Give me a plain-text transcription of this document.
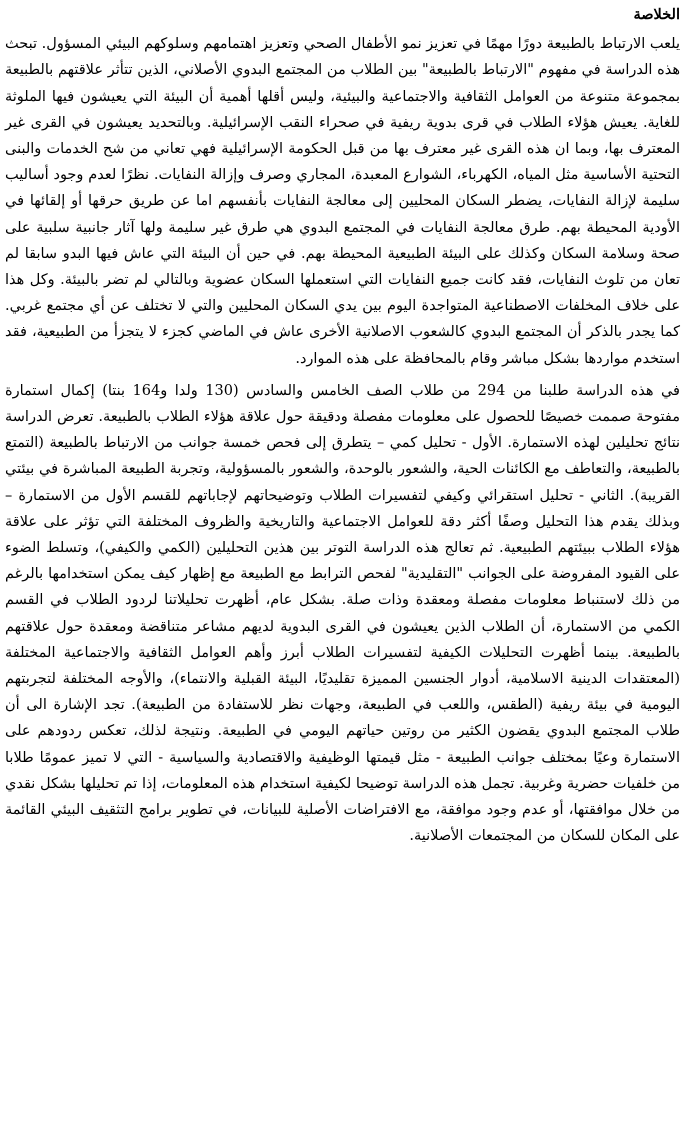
الخلاصة

يلعب الارتباط بالطبيعة دورًا مهمًا في تعزيز نمو الأطفال الصحي وتعزيز اهتمامهم وسلوكهم البيئي المسؤول. تبحث هذه الدراسة في مفهوم "الارتباط بالطبيعة" بين الطلاب من المجتمع البدوي الأصلاني، الذين تتأثر علاقتهم بالطبيعة بمجموعة متنوعة من العوامل الثقافية والاجتماعية والبيئية، وليس أقلها أهمية أن البيئة التي يعيشون فيها الملوثة للغاية. يعيش هؤلاء الطلاب في قرى بدوية ريفية في صحراء النقب الإسرائيلية. وبالتحديد يعيشون في القرى غير المعترف بها، وبما ان هذه القرى غير معترف بها من قبل الحكومة الإسرائيلية فهي تعاني من شح الخدمات والبنى التحتية الأساسية مثل المياه، الكهرباء، الشوارع المعبدة، المجاري وصرف وإزالة النفايات. نظرًا لعدم وجود أساليب سليمة لإزالة النفايات، يضطر السكان المحليين إلى معالجة النفايات بأنفسهم اما عن طريق حرقها أو إلقائها في الأودية المحيطة بهم. طرق معالجة النفايات في المجتمع البدوي هي طرق غير سليمة ولها آثار جانبية سلبية على صحة وسلامة السكان وكذلك على البيئة الطبيعية المحيطة بهم. في حين أن البيئة التي عاش فيها البدو سابقا لم تعان من تلوث النفايات، فقد كانت جميع النفايات التي استعملها السكان عضوية وبالتالي لم تضر بالبيئة. وكل هذا على خلاف المخلفات الاصطناعية المتواجدة اليوم بين يدي السكان المحليين والتي لا تختلف عن أي مجتمع غربي. كما يجدر بالذكر أن المجتمع البدوي كالشعوب الاصلانية الأخرى عاش في الماضي كجزء لا يتجزأ من الطبيعية، فقد استخدم مواردها بشكل مباشر وقام بالمحافظة على هذه الموارد.

في هذه الدراسة طلبنا من 294 من طلاب الصف الخامس والسادس (130 ولدا و164 بنتا) إكمال استمارة مفتوحة صممت خصيصًا للحصول على معلومات مفصلة ودقيقة حول علاقة هؤلاء الطلاب بالطبيعة. تعرض الدراسة نتائج تحليلين لهذه الاستمارة. الأول - تحليل كمي – يتطرق إلى فحص خمسة جوانب من الارتباط بالطبيعة (التمتع بالطبيعة، والتعاطف مع الكائنات الحية، والشعور بالوحدة، والشعور بالمسؤولية، وتجربة الطبيعة المباشرة في بيئتي القريبة). الثاني - تحليل استقرائي وكيفي لتفسيرات الطلاب وتوضيحاتهم لإجاباتهم للقسم الأول من الاستمارة – وبذلك يقدم هذا التحليل وصفًا أكثر دقة للعوامل الاجتماعية والتاريخية والظروف المختلفة التي تؤثر على علاقة هؤلاء الطلاب ببيئتهم الطبيعية. ثم تعالج هذه الدراسة التوتر بين هذين التحليلين (الكمي والكيفي)، وتسلط الضوء على القيود المفروضة على الجوانب "التقليدية" لفحص الترابط مع الطبيعة مع إظهار كيف يمكن استخدامها بالرغم من ذلك لاستنباط معلومات مفصلة ومعقدة وذات صلة. بشكل عام، أظهرت تحليلاتنا لردود الطلاب في القسم الكمي من الاستمارة، أن الطلاب الذين يعيشون في القرى البدوية لديهم مشاعر متناقضة ومعقدة حول علاقتهم بالطبيعة. بينما أظهرت التحليلات الكيفية لتفسيرات الطلاب أبرز وأهم العوامل الثقافية والاجتماعية المختلفة (المعتقدات الدينية الاسلامية، أدوار الجنسين المميزة تقليديًا، البيئة القبلية والانتماء)، والأوجه المختلفة لتجربتهم اليومية في بيئة ريفية (الطقس، واللعب في الطبيعة، وجهات نظر للاستفادة من الطبيعة). تجد الإشارة الى أن طلاب المجتمع البدوي يقضون الكثير من روتين حياتهم اليومي في الطبيعة. ونتيجة لذلك، تعكس ردودهم على الاستمارة وعيًا بمختلف جوانب الطبيعة - مثل قيمتها الوظيفية والاقتصادية والسياسية - التي لا تميز عمومًا طلابا من خلفيات حضرية وغربية. تجمل هذه الدراسة توضيحا لكيفية استخدام هذه المعلومات، إذا تم تحليلها بشكل نقدي من خلال موافقتها، أو عدم وجود موافقة، مع الافتراضات الأصلية للبيانات، في تطوير برامج التثقيف البيئي القائمة على المكان للسكان من المجتمعات الأصلانية.
